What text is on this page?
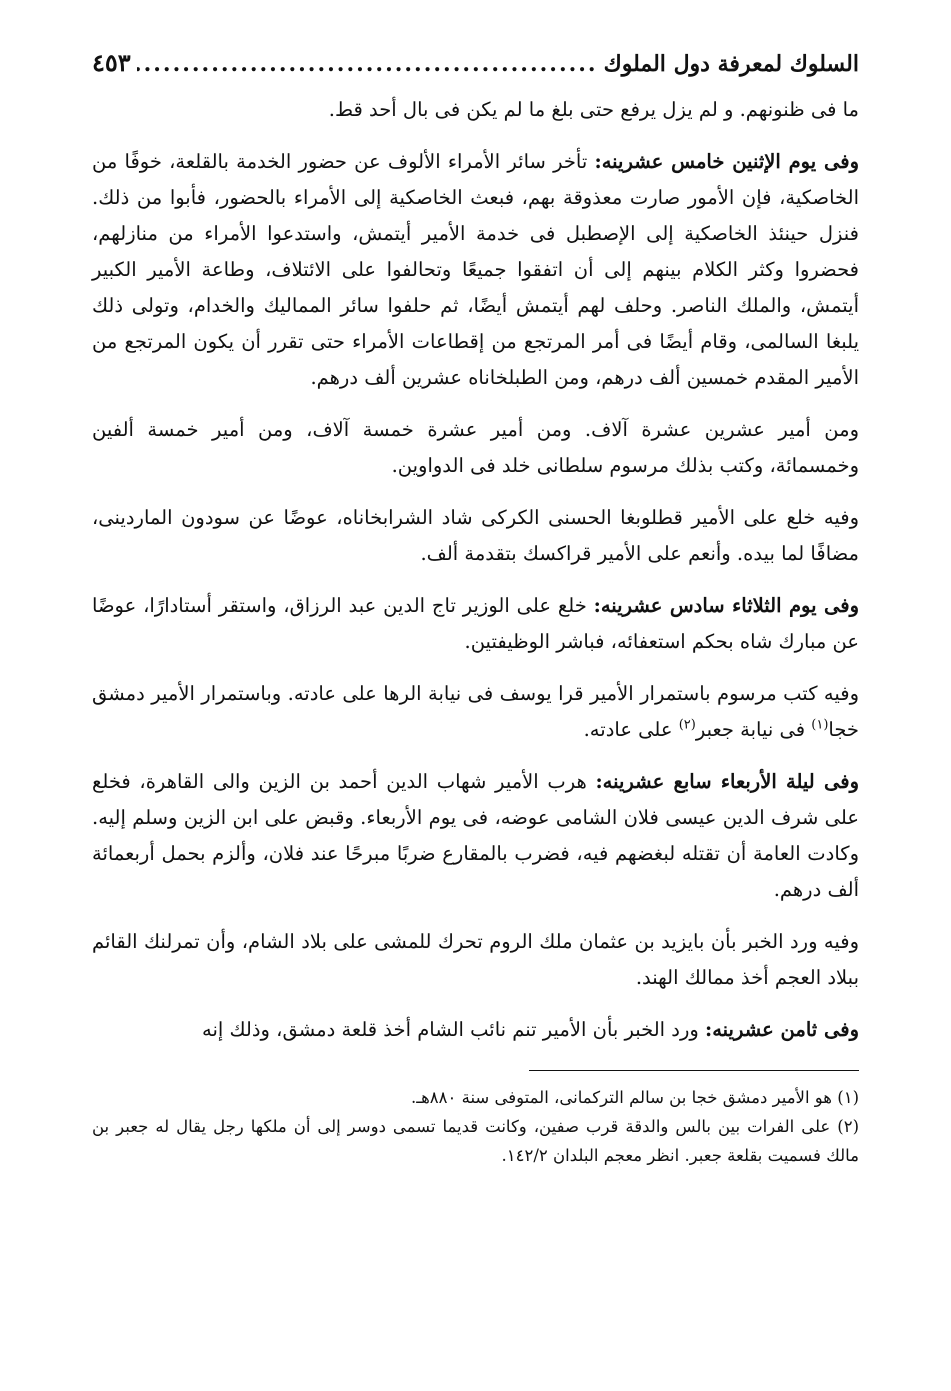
السلوك لمعرفة دول الملوك
.....
٤٥٣

ما فى ظنونهم. و لم يزل يرفع حتى بلغ ما لم يكن فى بال أحد قط.

وفى يوم الإثنين خامس عشرينه: تأخر سائر الأمراء الألوف عن حضور الخدمة بالقلعة، خوفًا من الخاصكية، فإن الأمور صارت معذوقة بهم، فبعث الخاصكية إلى الأمراء بالحضور، فأبوا من ذلك. فنزل حينئذ الخاصكية إلى الإصطبل فى خدمة الأمير أيتمش، واستدعوا الأمراء من منازلهم، فحضروا وكثر الكلام بينهم إلى أن اتفقوا جميعًا وتحالفوا على الائتلاف، وطاعة الأمير الكبير أيتمش، والملك الناصر. وحلف لهم أيتمش أيضًا، ثم حلفوا سائر المماليك والخدام، وتولى ذلك يلبغا السالمى، وقام أيضًا فى أمر المرتجع من إقطاعات الأمراء حتى تقرر أن يكون المرتجع من الأمير المقدم خمسين ألف درهم، ومن الطبلخاناه عشرين ألف درهم.

ومن أمير عشرين عشرة آلاف. ومن أمير عشرة خمسة آلاف، ومن أمير خمسة ألفين وخمسمائة، وكتب بذلك مرسوم سلطانى خلد فى الدواوين.

وفيه خلع على الأمير قطلوبغا الحسنى الكركى شاد الشرابخاناه، عوضًا عن سودون الماردينى، مضافًا لما بيده. وأنعم على الأمير قراكسك بتقدمة ألف.

وفى يوم الثلاثاء سادس عشرينه: خلع على الوزير تاج الدين عبد الرزاق، واستقر أستادارًا، عوضًا عن مبارك شاه بحكم استعفائه، فباشر الوظيفتين.

وفيه كتب مرسوم باستمرار الأمير قرا يوسف فى نيابة الرها على عادته. وباستمرار الأمير دمشق خجا$^{(١)}$ فى نيابة جعبر$^{(٢)}$ على عادته.

وفى ليلة الأربعاء سابع عشرينه: هرب الأمير شهاب الدين أحمد بن الزين والى القاهرة، فخلع على شرف الدين عيسى فلان الشامى عوضه، فى يوم الأربعاء. وقبض على ابن الزين وسلم إليه. وكادت العامة أن تقتله لبغضهم فيه، فضرب بالمقارع ضربًا مبرحًا عند فلان، وألزم بحمل أربعمائة ألف درهم.

وفيه ورد الخبر بأن بايزيد بن عثمان ملك الروم تحرك للمشى على بلاد الشام، وأن تمرلنك القائم ببلاد العجم أخذ ممالك الهند.

وفى ثامن عشرينه: ورد الخبر بأن الأمير تنم نائب الشام أخذ قلعة دمشق، وذلك إنه

(١) هو الأمير دمشق خجا بن سالم التركمانى، المتوفى سنة ٨٨٠هـ.

(٢) على الفرات بين بالس والدقة قرب صفين، وكانت قديما تسمى دوسر إلى أن ملكها رجل يقال له جعبر بن مالك فسميت بقلعة جعبر. انظر معجم البلدان ١٤٢/٢.
